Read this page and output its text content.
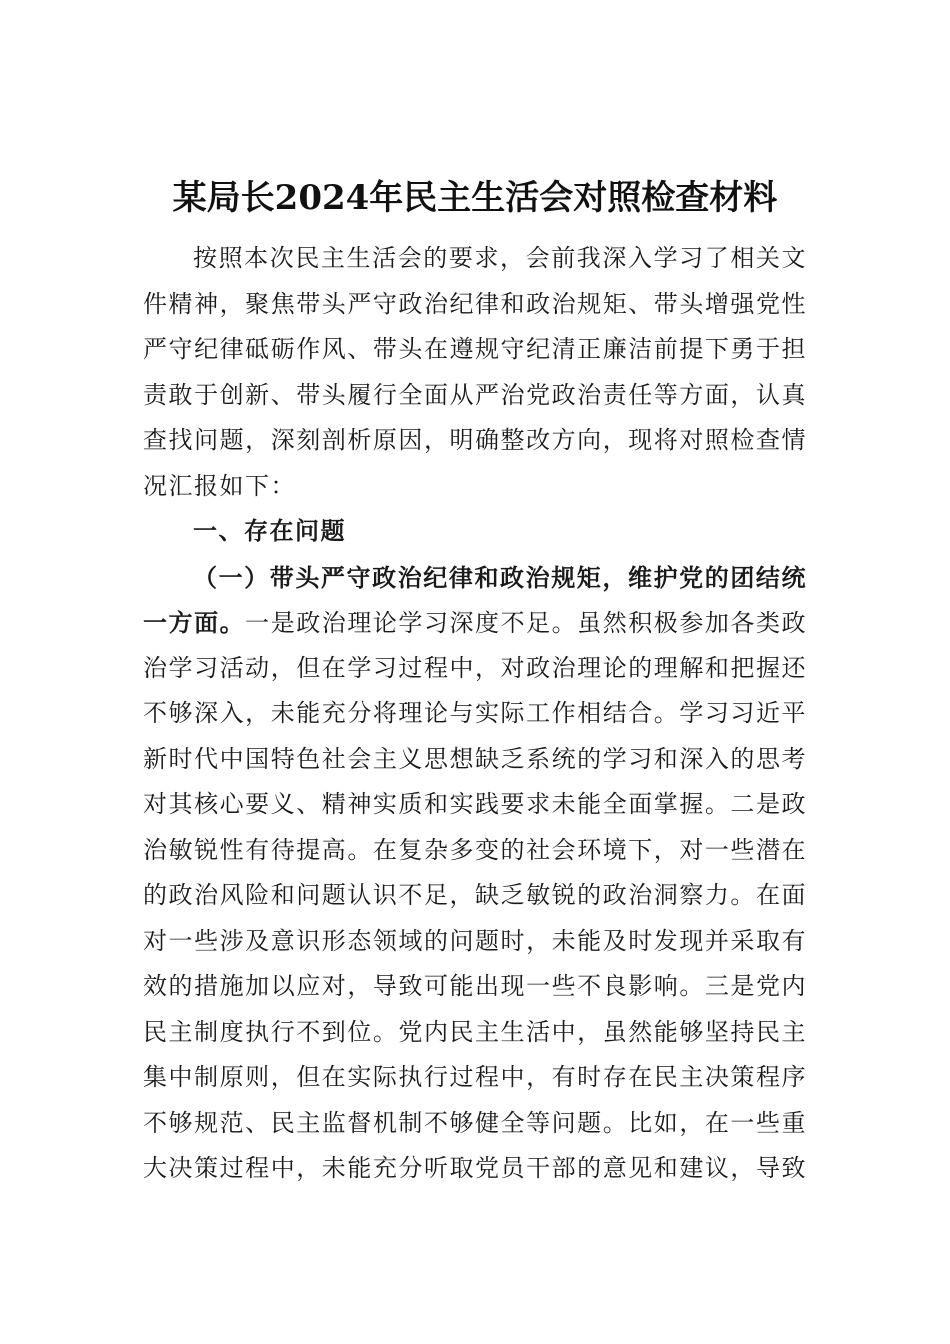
某局长2024年民主生活会对照检查材料
按照本次民主生活会的要求，会前我深入学习了相关文
件精神，聚焦带头严守政治纪律和政治规矩、带头增强党性
严守纪律砥砺作风、带头在遵规守纪清正廉洁前提下勇于担
责敢于创新、带头履行全面从严治党政治责任等方面，认真
查找问题，深刻剖析原因，明确整改方向，现将对照检查情
况汇报如下：
一、存在问题
（一）带头严守政治纪律和政治规矩，维护党的团结统
一方面。一是政治理论学习深度不足。虽然积极参加各类政
治学习活动，但在学习过程中，对政治理论的理解和把握还
不够深入，未能充分将理论与实际工作相结合。学习习近平
新时代中国特色社会主义思想缺乏系统的学习和深入的思考
对其核心要义、精神实质和实践要求未能全面掌握。二是政
治敏锐性有待提高。在复杂多变的社会环境下，对一些潜在
的政治风险和问题认识不足，缺乏敏锐的政治洞察力。在面
对一些涉及意识形态领域的问题时，未能及时发现并采取有
效的措施加以应对，导致可能出现一些不良影响。三是党内
民主制度执行不到位。党内民主生活中，虽然能够坚持民主
集中制原则，但在实际执行过程中，有时存在民主决策程序
不够规范、民主监督机制不够健全等问题。比如，在一些重
大决策过程中，未能充分听取党员干部的意见和建议，导致
